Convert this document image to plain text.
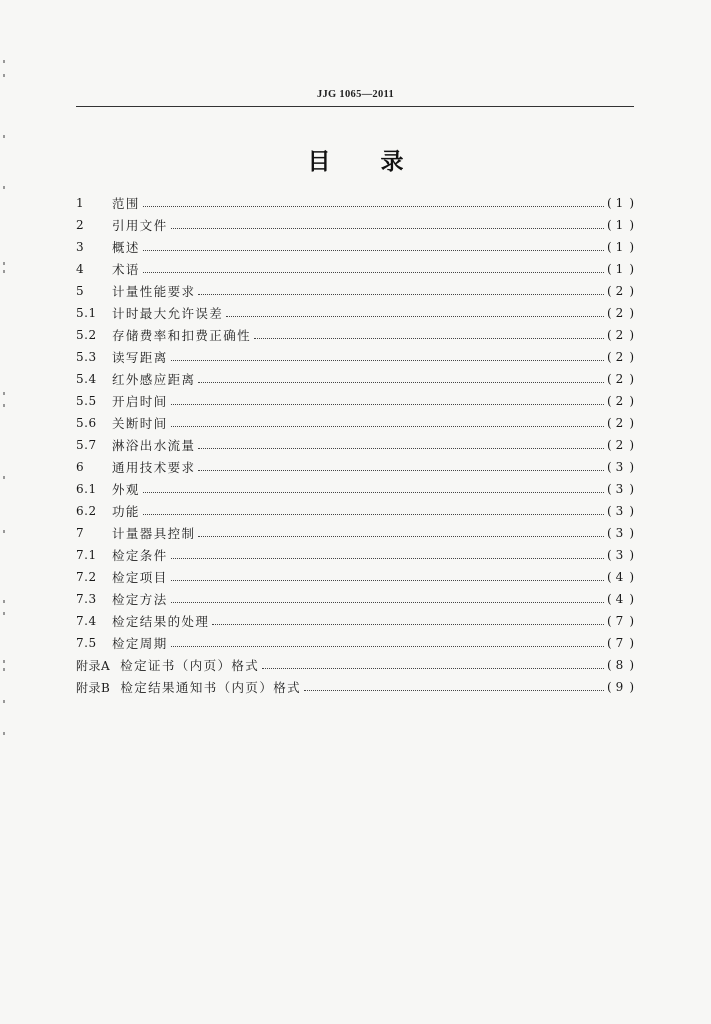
JJG 1065—2011
目 录
1	范围	( 1 )
2	引用文件	( 1 )
3	概述	( 1 )
4	术语	( 1 )
5	计量性能要求	( 2 )
5.1	计时最大允许误差	( 2 )
5.2	存储费率和扣费正确性	( 2 )
5.3	读写距离	( 2 )
5.4	红外感应距离	( 2 )
5.5	开启时间	( 2 )
5.6	关断时间	( 2 )
5.7	淋浴出水流量	( 2 )
6	通用技术要求	( 3 )
6.1	外观	( 3 )
6.2	功能	( 3 )
7	计量器具控制	( 3 )
7.1	检定条件	( 3 )
7.2	检定项目	( 4 )
7.3	检定方法	( 4 )
7.4	检定结果的处理	( 7 )
7.5	检定周期	( 7 )
附录A 检定证书（内页）格式	( 8 )
附录B 检定结果通知书（内页）格式	( 9 )
